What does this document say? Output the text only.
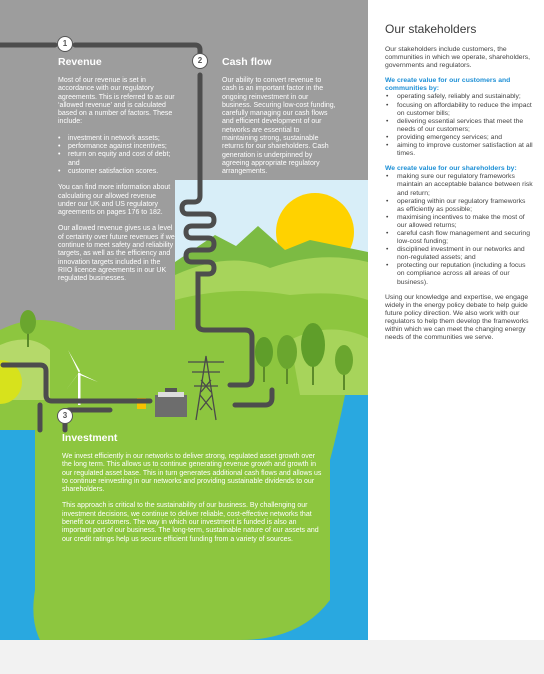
1
2
3
Revenue

Most of our revenue is set in accordance with our regulatory agreements. This is referred to as our ‘allowed revenue’ and is calculated based on a number of factors. These include:

• investment in network assets;
• performance against incentives;
• return on equity and cost of debt; and
• customer satisfaction scores.

You can find more information about calculating our allowed revenue under our UK and US regulatory agreements on pages 176 to 182.

Our allowed revenue gives us a level of certainty over future revenues if we continue to meet safety and reliability targets, as well as the efficiency and innovation targets included in the RIIO licence agreements in our UK regulated businesses.

Cash flow

Our ability to convert revenue to cash is an important factor in the ongoing reinvestment in our business. Securing low-cost funding, carefully managing our cash flows and efficient development of our networks are essential to maintaining strong, sustainable returns for our shareholders. Cash generation is underpinned by agreeing appropriate regulatory arrangements.

Investment

We invest efficiently in our networks to deliver strong, regulated asset growth over the long term. This allows us to continue generating revenue growth and growth in our regulated asset base. This in turn generates additional cash flows and allows us to continue reinvesting in our networks and providing sustainable dividends to our shareholders.

This approach is critical to the sustainability of our business. By challenging our investment decisions, we continue to deliver reliable, cost-effective networks that benefit our customers. The way in which our investment is funded is also an important part of our business. The long-term, sustainable nature of our assets and our credit ratings help us secure efficient funding from a variety of sources.

Our stakeholders

Our stakeholders include customers, the communities in which we operate, shareholders, governments and regulators.

We create value for our customers and communities by:

• operating safely, reliably and sustainably;
• focusing on affordability to reduce the impact on customer bills;
• delivering essential services that meet the needs of our customers;
• providing emergency services; and
• aiming to improve customer satisfaction at all times.

We create value for our shareholders by:

• making sure our regulatory frameworks maintain an acceptable balance between risk and return;
• operating within our regulatory frameworks as efficiently as possible;
• maximising incentives to make the most of our allowed returns;
• careful cash flow management and securing low-cost funding;
• disciplined investment in our networks and non-regulated assets; and
• protecting our reputation (including a focus on compliance across all areas of our business).

Using our knowledge and expertise, we engage widely in the energy policy debate to help guide future policy direction. We also work with our regulators to help them develop the frameworks within which we can meet the changing energy needs of the communities we serve.
